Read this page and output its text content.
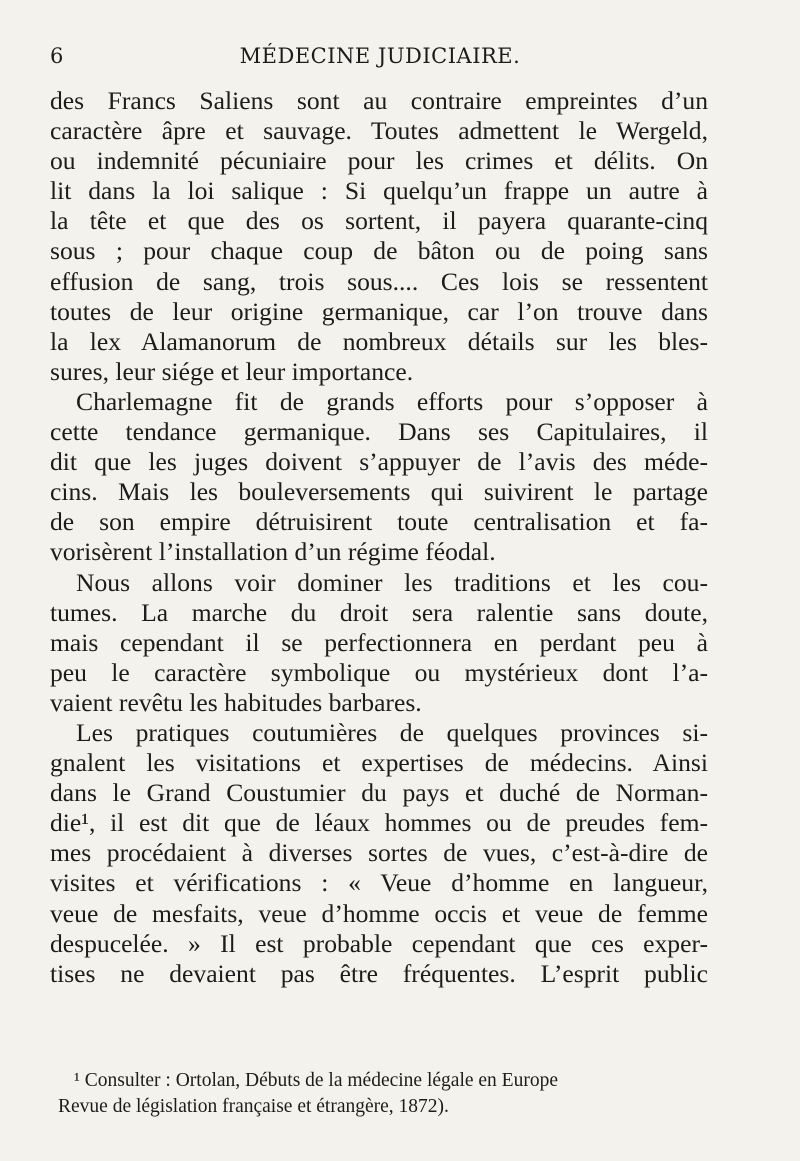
6	MÉDECINE JUDICIAIRE.
des Francs Saliens sont au contraire empreintes d’un
caractère âpre et sauvage. Toutes admettent le Wergeld,
ou indemnité pécuniaire pour les crimes et délits. On
lit dans la loi salique : Si quelqu’un frappe un autre à
la tête et que des os sortent, il payera quarante-cinq
sous ; pour chaque coup de bâton ou de poing sans
effusion de sang, trois sous.... Ces lois se ressentent
toutes de leur origine germanique, car l’on trouve dans
la lex Alamanorum de nombreux détails sur les bles-
sures, leur siége et leur importance.
Charlemagne fit de grands efforts pour s’opposer à
cette tendance germanique. Dans ses Capitulaires, il
dit que les juges doivent s’appuyer de l’avis des méde-
cins. Mais les bouleversements qui suivirent le partage
de son empire détruisirent toute centralisation et fa-
vorisèrent l’installation d’un régime féodal.
Nous allons voir dominer les traditions et les cou-
tumes. La marche du droit sera ralentie sans doute,
mais cependant il se perfectionnera en perdant peu à
peu le caractère symbolique ou mystérieux dont l’a-
vaient revêtu les habitudes barbares.
Les pratiques coutumières de quelques provinces si-
gnalent les visitations et expertises de médecins. Ainsi
dans le Grand Coustumier du pays et duché de Norman-
die¹, il est dit que de léaux hommes ou de preudes fem-
mes procédaient à diverses sortes de vues, c’est-à-dire de
visites et vérifications : « Veue d’homme en langueur,
veue de mesfaits, veue d’homme occis et veue de femme
despucelée. » Il est probable cependant que ces exper-
tises ne devaient pas être fréquentes. L’esprit public
¹ Consulter : Ortolan, Débuts de la médecine légale en Europe
Revue de législation française et étrangère, 1872).
